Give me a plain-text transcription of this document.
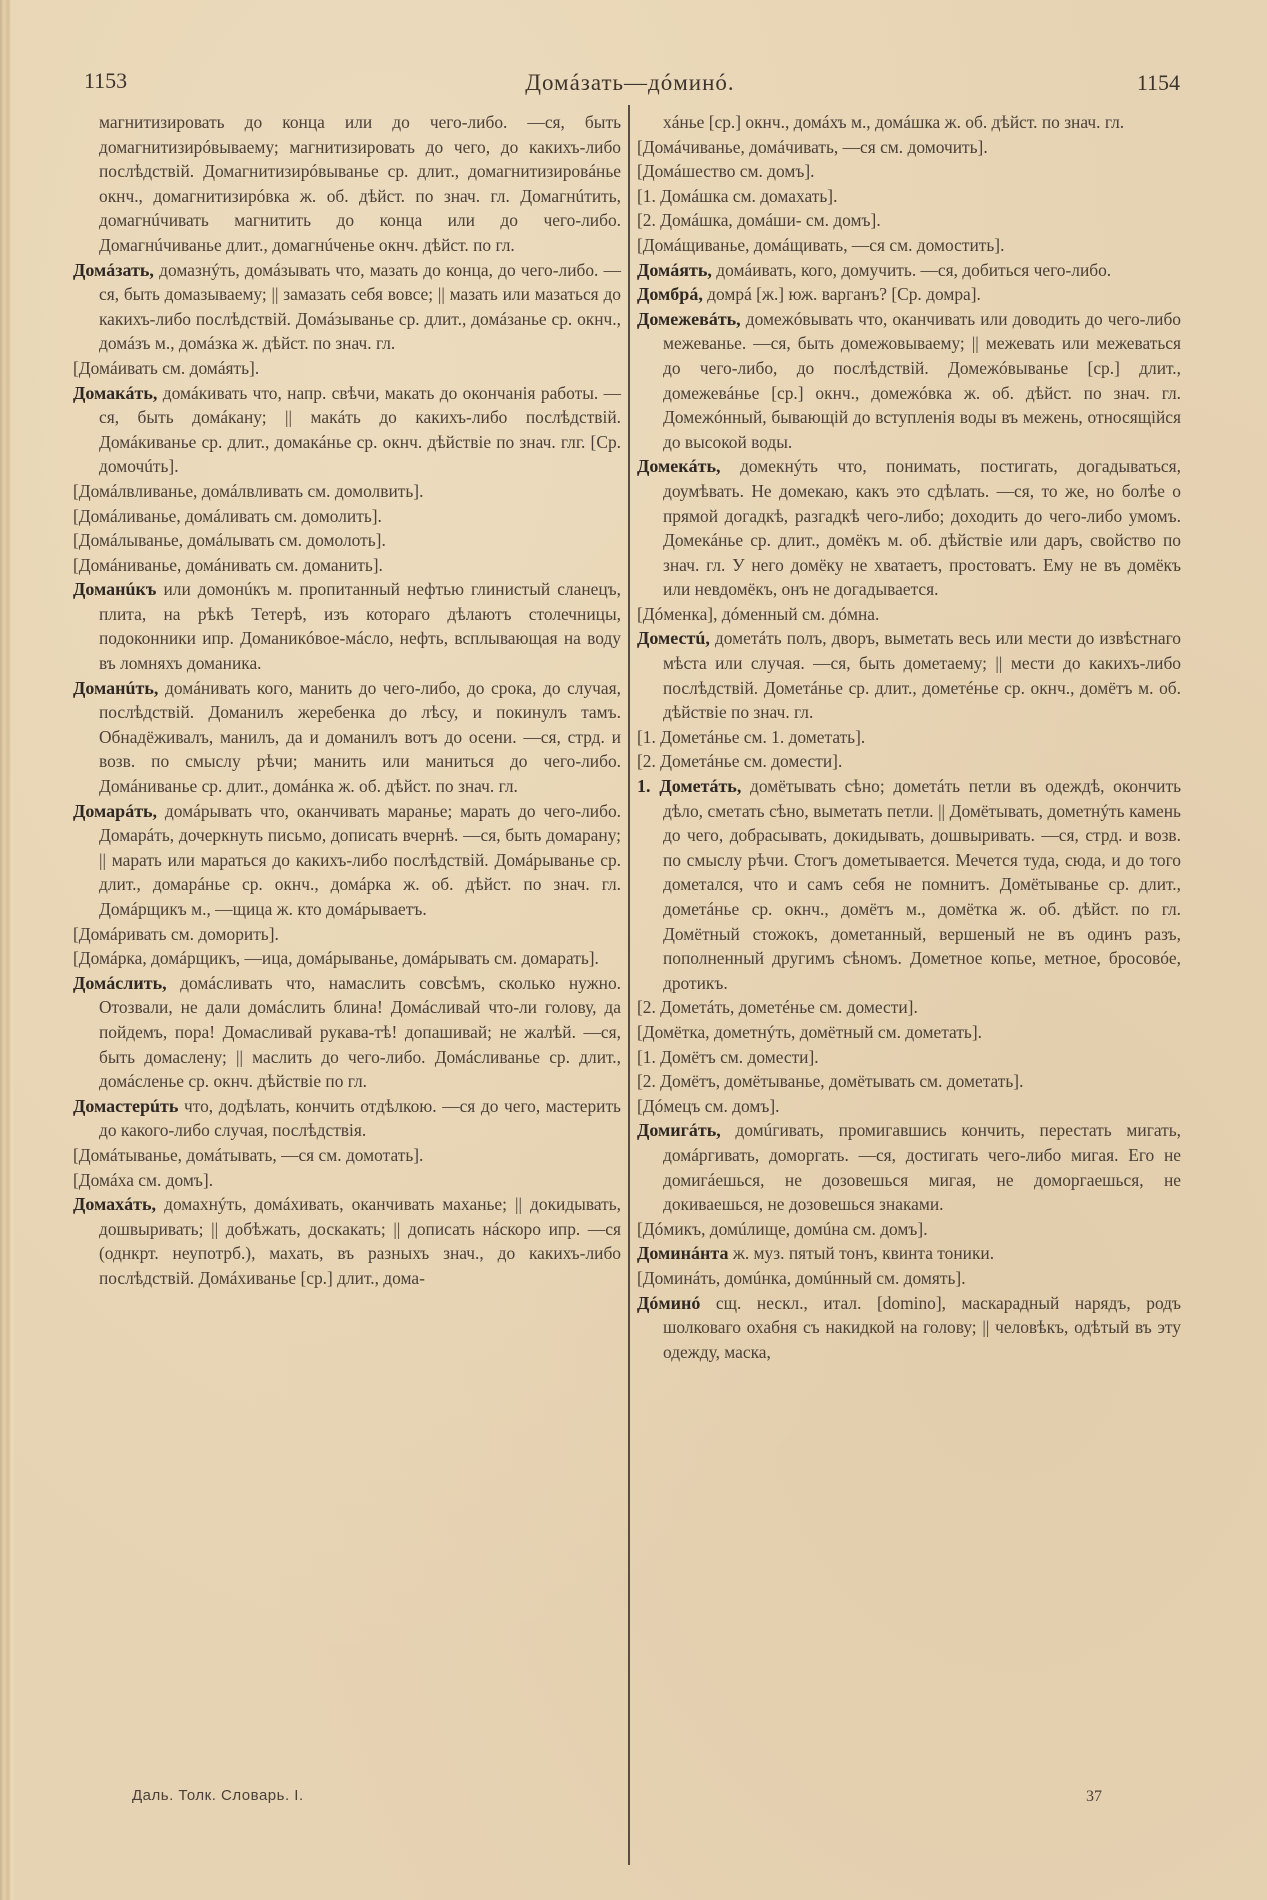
1153	Домáзать—дóминó.	1154

магнитизировать до конца или до чего-либо. —ся, быть домагнитизирóвываему; магнитизировать до чего, до какихъ-либо послѣдствій. Домагнитизирóвыванье ср. длит., домагнитизировáнье окнч., домагнитизирóвка ж. об. дѣйст. по знач. гл. Домагнúтить, домагнúчивать магнитить до конца или до чего-либо. Домагнúчиванье длит., домагнúченье окнч. дѣйст. по гл.

Домáзать, домазнýть, домáзывать что, мазать до конца, до чего-либо. —ся, быть домазываему; || замазать себя вовсе; || мазать или мазаться до какихъ-либо послѣдствій. Домáзыванье ср. длит., домáзанье ср. окнч., домáзъ м., домáзка ж. дѣйст. по знач. гл.

[Домáивать см. домáять].

Домакáть, домáкивать что, напр. свѣчи, макать до окончанія работы. —ся, быть домáкану; || макáть до какихъ-либо послѣдствій. Домáкиванье ср. длит., домакáнье ср. окнч. дѣйствіе по знач. глг. [Ср. домочúть].

[Домáлвливанье, домáлвливать см. домолвить].

[Домáливанье, домáливать см. домолить].

[Домáлыванье, домáлывать см. домолоть].

[Домáниванье, домáнивать см. доманить].

Доманúкъ или домонúкъ м. пропитанный нефтью глинистый сланецъ, плита, на рѣкѣ Тетерѣ, изъ котораго дѣлаютъ столечницы, подоконники ипр. Доманикóвое-мáсло, нефть, всплывающая на воду въ ломняхъ доманика.

Доманúть, домáнивать кого, манить до чего-либо, до срока, до случая, послѣдствій. Доманилъ жеребенка до лѣсу, и покинулъ тамъ. Обнадёживалъ, манилъ, да и доманилъ вотъ до осени. —ся, стрд. и возв. по смыслу рѣчи; манить или маниться до чего-либо. Домáниванье ср. длит., домáнка ж. об. дѣйст. по знач. гл.

Домарáть, домáрывать что, оканчивать маранье; марать до чего-либо. Домарáть, дочеркнуть письмо, дописать вчернѣ. —ся, быть домарану; || марать или мараться до какихъ-либо послѣдствій. Домáрыванье ср. длит., домарáнье ср. окнч., домáрка ж. об. дѣйст. по знач. гл. Домáрщикъ м., —щица ж. кто домáрываетъ.

[Домáривать см. доморить].

[Домáрка, домáрщикъ, —ица, домáрыванье, домáрывать см. домарать].

Домáслить, домáсливать что, намаслить совсѣмъ, сколько нужно. Отозвали, не дали домáслить блина! Домáсливай что-ли голову, да пойдемъ, пора! Домасливай рукава-тѣ! допашивай; не жалѣй. —ся, быть домаслену; || маслить до чего-либо. Домáсливанье ср. длит., домáсленье ср. окнч. дѣйствіе по гл.

Домастерúть что, додѣлать, кончить отдѣлкою. —ся до чего, мастерить до какого-либо случая, послѣдствія.

[Домáтыванье, домáтывать, —ся см. домотать].

[Домáха см. домъ].

Домахáть, домахнýть, домáхивать, оканчивать маханье; || докидывать, дошвыривать; || добѣжать, доскакать; || дописать нáскоро ипр. —ся (однкрт. неупотрб.), махать, въ разныхъ знач., до какихъ-либо послѣдствій. Домáхиванье [ср.] длит., дома-

хáнье [ср.] окнч., домáхъ м., домáшка ж. об. дѣйст. по знач. гл.

[Домáчиванье, домáчивать, —ся см. домочить].

[Домáшество см. домъ].

[1. Домáшка см. домахать].

[2. Домáшка, домáши- см. домъ].

[Домáщиванье, домáщивать, —ся см. домостить].

Домáять, домáивать, кого, домучить. —ся, добиться чего-либо.

Домбрá, домрá [ж.] юж. варганъ? [Ср. домра].

Домежевáть, домежóвывать что, оканчивать или доводить до чего-либо межеванье. —ся, быть домежовываему; || межевать или межеваться до чего-либо, до послѣдствій. Домежóвыванье [ср.] длит., домежевáнье [ср.] окнч., домежóвка ж. об. дѣйст. по знач. гл. Домежóнный, бывающій до вступленія воды въ межень, относящійся до высокой воды.

Домекáть, домекнýть что, понимать, постигать, догадываться, доумѣвать. Не домекаю, какъ это сдѣлать. —ся, то же, но болѣе о прямой догадкѣ, разгадкѣ чего-либо; доходить до чего-либо умомъ. Домекáнье ср. длит., домёкъ м. об. дѣйствіе или даръ, свойство по знач. гл. У него домёку не хватаетъ, простоватъ. Ему не въ домёкъ или невдомёкъ, онъ не догадывается.

[Дóменка], дóменный см. дóмна.

Доместú, дометáть полъ, дворъ, выметать весь или мести до извѣстнаго мѣста или случая. —ся, быть дометаему; || мести до какихъ-либо послѣдствій. Дометáнье ср. длит., дометéнье ср. окнч., домётъ м. об. дѣйствіе по знач. гл.

[1. Дометáнье см. 1. дометать].

[2. Дометáнье см. домести].

1. Дометáть, домётывать сѣно; дометáть петли въ одеждѣ, окончить дѣло, сметать сѣно, выметать петли. || Домётывать, дометнýть камень до чего, добрасывать, докидывать, дошвыривать. —ся, стрд. и возв. по смыслу рѣчи. Стогъ дометывается. Мечется туда, сюда, и до того дометался, что и самъ себя не помнитъ. Домётыванье ср. длит., дометáнье ср. окнч., домётъ м., домётка ж. об. дѣйст. по гл. Домётный стожокъ, дометанный, вершеный не въ одинъ разъ, пополненный другимъ сѣномъ. Дометное копье, метное, бросовóе, дротикъ.

[2. Дометáть, дометéнье см. домести].

[Домётка, дометнýть, домётный см. дометать].

[1. Домётъ см. домести].

[2. Домётъ, домётыванье, домётывать см. дометать].

[Дóмецъ см. домъ].

Домигáть, домúгивать, промигавшись кончить, перестать мигать, домáргивать, доморгать. —ся, достигать чего-либо мигая. Его не домигáешься, не дозовешься мигая, не доморгаешься, не докиваешься, не дозовешься знаками.

[Дóмикъ, домúлище, домúна см. домъ].

Доминáнта ж. муз. пятый тонъ, квинта тоники.

[Доминáть, домúнка, домúнный см. домять].

Дóминó сщ. нескл., итал. [domino], маскарадный нарядъ, родъ шолковаго охабня съ накидкой на голову; || человѣкъ, одѣтый въ эту одежду, маска,

Даль. Толк. Словарь. I.	37
